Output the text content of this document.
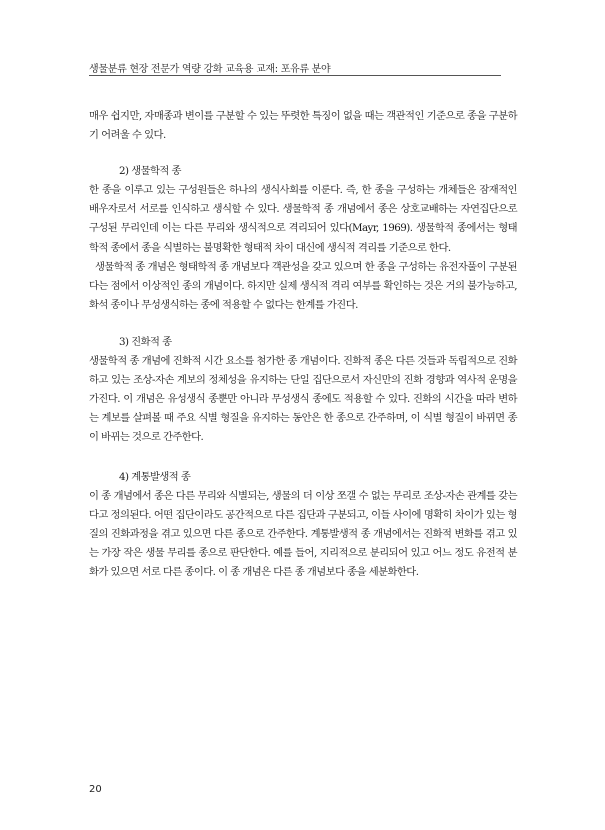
생물분류 현장 전문가 역량 강화 교육용 교재: 포유류 분야

매우 쉽지만, 자매종과 변이를 구분할 수 있는 뚜렷한 특징이 없을 때는 객관적인 기준으로 종을 구분하기 어려울 수 있다.

2) 생물학적 종

한 종을 이루고 있는 구성원들은 하나의 생식사회를 이룬다. 즉, 한 종을 구성하는 개체들은 잠재적인 배우자로서 서로를 인식하고 생식할 수 있다. 생물학적 종 개념에서 종은 상호교배하는 자연집단으로 구성된 무리인데 이는 다른 무리와 생식적으로 격리되어 있다(Mayr, 1969). 생물학적 종에서는 형태학적 종에서 종을 식별하는 불명확한 형태적 차이 대신에 생식적 격리를 기준으로 한다.

생물학적 종 개념은 형태학적 종 개념보다 객관성을 갖고 있으며 한 종을 구성하는 유전자풀이 구분된다는 점에서 이상적인 종의 개념이다. 하지만 실제 생식적 격리 여부를 확인하는 것은 거의 불가능하고, 화석 종이나 무성생식하는 종에 적용할 수 없다는 한계를 가진다.

3) 진화적 종

생물학적 종 개념에 진화적 시간 요소를 첨가한 종 개념이다. 진화적 종은 다른 것들과 독립적으로 진화하고 있는 조상-자손 계보의 정체성을 유지하는 단일 집단으로서 자신만의 진화 경향과 역사적 운명을 가진다. 이 개념은 유성생식 종뿐만 아니라 무성생식 종에도 적용할 수 있다. 진화의 시간을 따라 변하는 계보를 살펴볼 때 주요 식별 형질을 유지하는 동안은 한 종으로 간주하며, 이 식별 형질이 바뀌면 종이 바뀌는 것으로 간주한다.

4) 계통발생적 종

이 종 개념에서 종은 다른 무리와 식별되는, 생물의 더 이상 쪼갤 수 없는 무리로 조상-자손 관계를 갖는다고 정의된다. 어떤 집단이라도 공간적으로 다른 집단과 구분되고, 이들 사이에 명확히 차이가 있는 형질의 진화과정을 겪고 있으면 다른 종으로 간주한다. 계통발생적 종 개념에서는 진화적 변화를 겪고 있는 가장 작은 생물 무리를 종으로 판단한다. 예를 들어, 지리적으로 분리되어 있고 어느 정도 유전적 분화가 있으면 서로 다른 종이다. 이 종 개념은 다른 종 개념보다 종을 세분화한다.

20
